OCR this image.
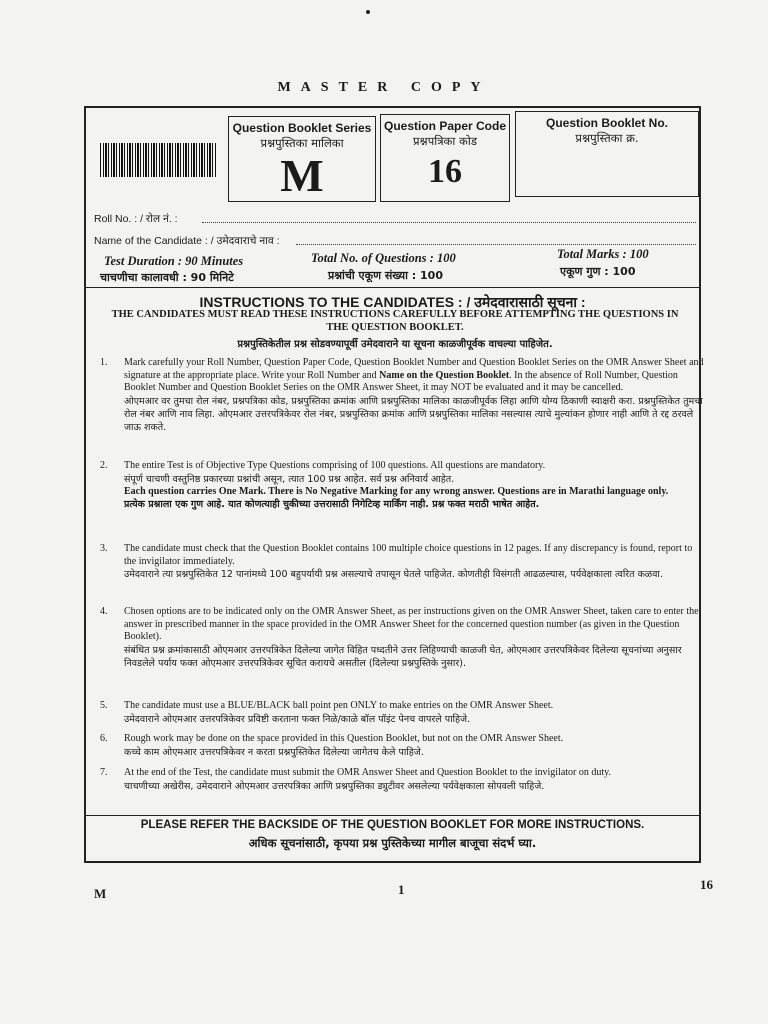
MASTER COPY
Question Booklet Series
प्रश्नपुस्तिका मालिका
M
Question Paper Code
प्रश्नपत्रिका कोड
16
Question Booklet No.
प्रश्नपुस्तिका क्र.
Roll No. : / रोल नं. :
Name of the Candidate : / उमेदवाराचे नाव :
Test Duration : 90 Minutes
चाचणीचा कालावधी : 90 मिनिटे
Total No. of Questions : 100
प्रश्नांची एकूण संख्या : 100
Total Marks : 100
एकूण गुण : 100
INSTRUCTIONS TO THE CANDIDATES : / उमेदवारासाठी सूचना :
THE CANDIDATES MUST READ THESE INSTRUCTIONS CAREFULLY BEFORE ATTEMPTING THE QUESTIONS IN THE QUESTION BOOKLET.
प्रश्नपुस्तिकेतील प्रश्न सोडवण्यापूर्वी उमेदवाराने या सूचना काळजीपूर्वक वाचल्या पाहिजेत.
1.	Mark carefully your Roll Number, Question Paper Code, Question Booklet Number and Question Booklet Series on the OMR Answer Sheet and signature at the appropriate place. Write your Roll Number and Name on the Question Booklet. In the absence of Roll Number, Question Booklet Number and Question Booklet Series on the OMR Answer Sheet, it may NOT be evaluated and it may be cancelled.
ओएमआर वर तुमचा रोल नंबर, प्रश्नपत्रिका कोड, प्रश्नपुस्तिका क्रमांक आणि प्रश्नपुस्तिका मालिका काळजीपूर्वक लिहा आणि योग्य ठिकाणी स्वाक्षरी करा. प्रश्नपुस्तिकेत तुमचा रोल नंबर आणि नाव लिहा. ओएमआर उत्तरपत्रिकेवर रोल नंबर, प्रश्नपुस्तिका क्रमांक आणि प्रश्नपुस्तिका मालिका नसल्यास त्याचे मुल्यांकन होणार नाही आणि ते रद्द ठरवले जाऊ शकते.
2.	The entire Test is of Objective Type Questions comprising of 100 questions. All questions are mandatory.
संपूर्ण चाचणी वस्तुनिष्ठ प्रकारच्या प्रश्नांची असून, त्यात 100 प्रश्न आहेत. सर्व प्रश्न अनिवार्य आहेत.
Each question carries One Mark. There is No Negative Marking for any wrong answer. Questions are in Marathi language only.
प्रत्येक प्रश्नाला एक गुण आहे. यात कोणत्याही चुकीच्या उत्तरासाठी निगेटिव्ह मार्किंग नाही. प्रश्न फक्त मराठी भाषेत आहेत.
3.	The candidate must check that the Question Booklet contains 100 multiple choice questions in 12 pages. If any discrepancy is found, report to the invigilator immediately.
उमेदवाराने त्या प्रश्नपुस्तिकेत 12 पानांमध्ये 100 बहुपर्यायी प्रश्न असल्याचे तपासून घेतले पाहिजेत. कोणतीही विसंगती आढळल्यास, पर्यवेक्षकाला त्वरित कळवा.
4.	Chosen options are to be indicated only on the OMR Answer Sheet, as per instructions given on the OMR Answer Sheet, taken care to enter the answer in prescribed manner in the space provided in the OMR Answer Sheet for the concerned question number (as given in the Question Booklet).
संबंधित प्रश्न क्रमांकासाठी ओएमआर उत्तरपत्रिकेत दिलेल्या जागेत विहित पध्दतीने उत्तर लिहिण्याची काळजी घेत, ओएमआर उत्तरपत्रिकेवर दिलेल्या सूचनांच्या अनुसार निवडलेले पर्याय फक्त ओएमआर उत्तरपत्रिकेवर सूचित करायचे असतील (दिलेल्या प्रश्नपुस्तिके नुसार).
5.	The candidate must use a BLUE/BLACK ball point pen ONLY to make entries on the OMR Answer Sheet.
उमेदवाराने ओएमआर उत्तरपत्रिकेवर प्रविष्टी करताना फक्त निळे/काळे बॉल पॉइंट पेनच वापरले पाहिजे.
6.	Rough work may be done on the space provided in this Question Booklet, but not on the OMR Answer Sheet.
कच्चे काम ओएमआर उत्तरपत्रिकेवर न करता प्रश्नपुस्तिकेत दिलेल्या जागेतच केले पाहिजे.
7.	At the end of the Test, the candidate must submit the OMR Answer Sheet and Question Booklet to the invigilator on duty.
चाचणीच्या अखेरीस, उमेदवाराने ओएमआर उत्तरपत्रिका आणि प्रश्नपुस्तिका ड्युटीवर असलेल्या पर्यवेक्षकाला सोपवली पाहिजे.
PLEASE REFER THE BACKSIDE OF THE QUESTION BOOKLET FOR MORE INSTRUCTIONS.
अधिक सूचनांसाठी, कृपया प्रश्न पुस्तिकेच्या मागील बाजूचा संदर्भ घ्या.
M	1	16
